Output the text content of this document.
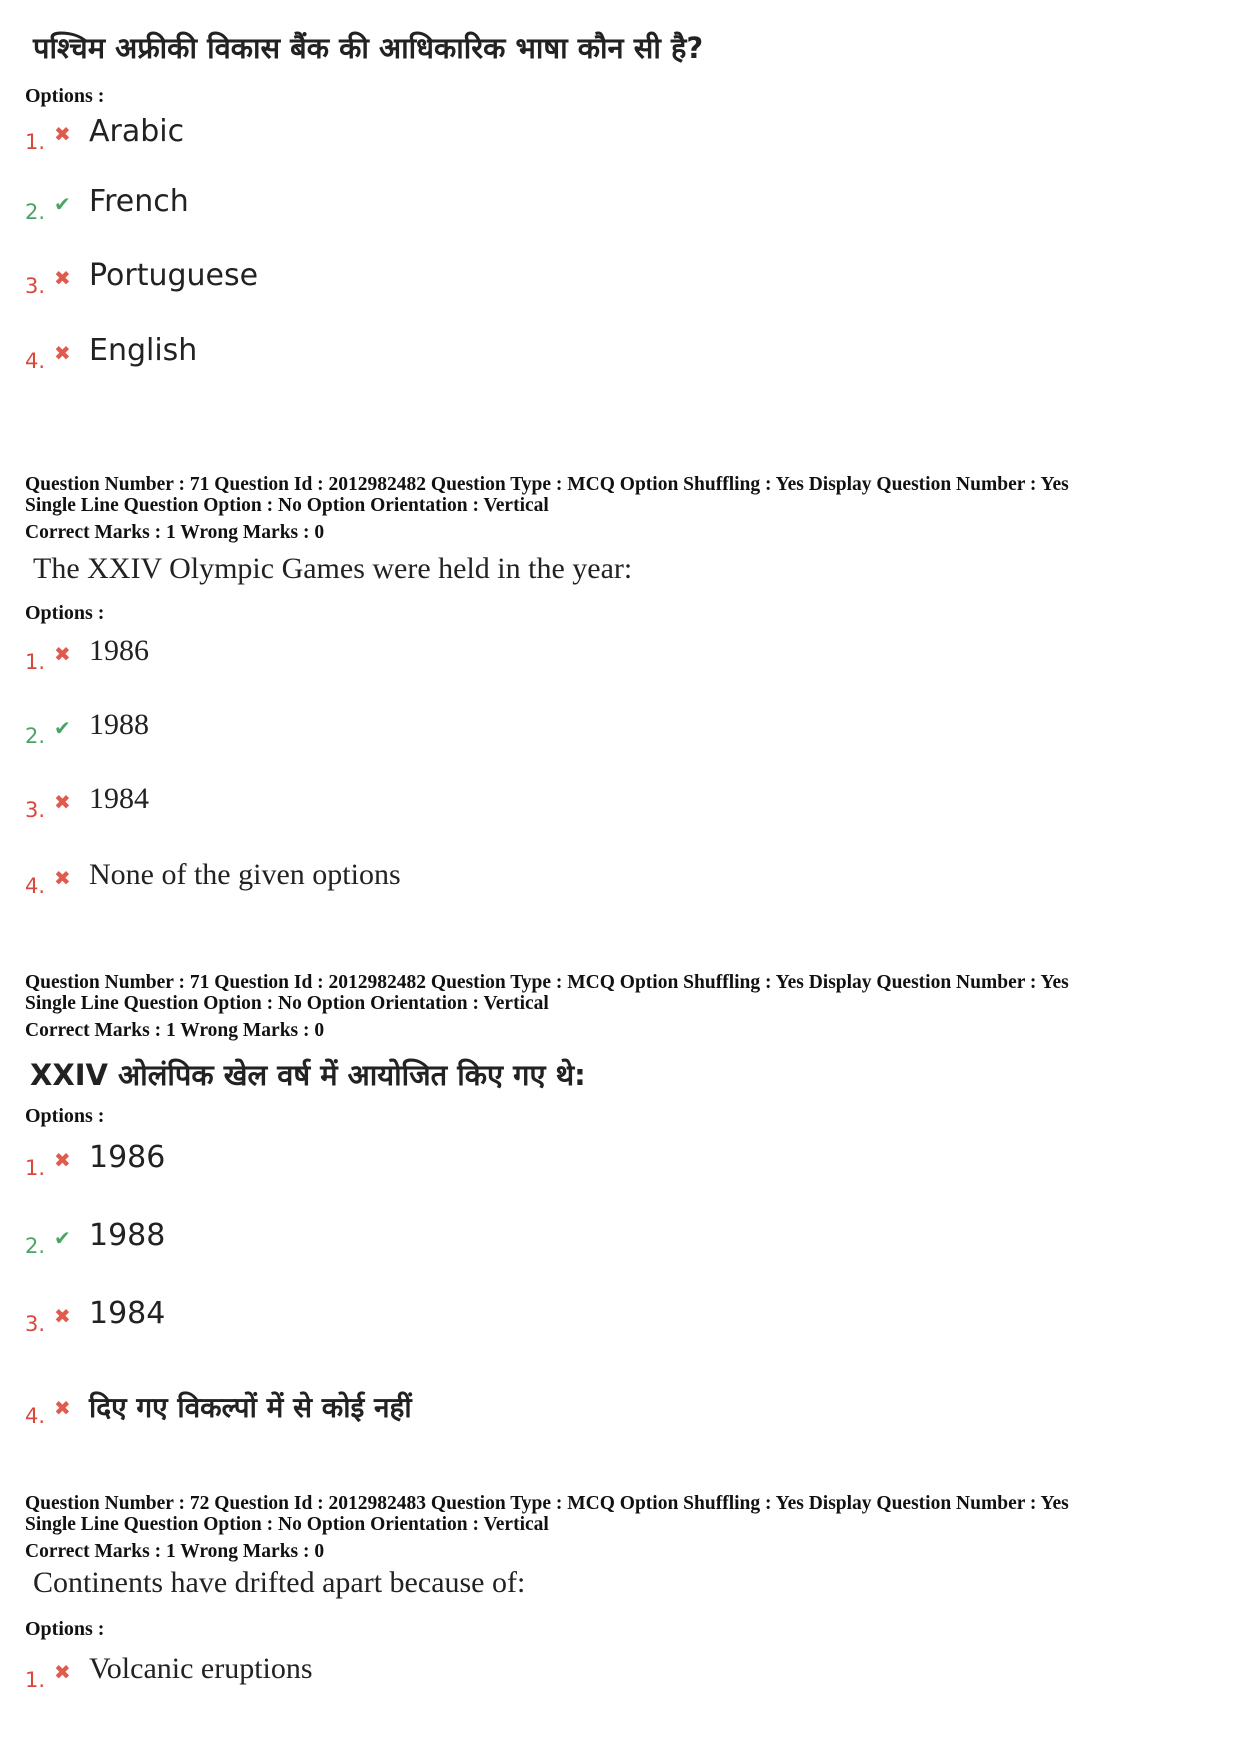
पश्चिम अफ्रीकी विकास बैंक की आधिकारिक भाषा कौन सी है?

Options :
1. ✖ Arabic
2. ✔ French
3. ✖ Portuguese
4. ✖ English

Question Number : 71 Question Id : 2012982482 Question Type : MCQ Option Shuffling : Yes Display Question Number : Yes

Single Line Question Option : No Option Orientation : Vertical

Correct Marks : 1 Wrong Marks : 0

The XXIV Olympic Games were held in the year:

Options :
1. ✖ 1986
2. ✔ 1988
3. ✖ 1984
4. ✖ None of the given options

Question Number : 71 Question Id : 2012982482 Question Type : MCQ Option Shuffling : Yes Display Question Number : Yes

Single Line Question Option : No Option Orientation : Vertical

Correct Marks : 1 Wrong Marks : 0

XXIV ओलंपिक खेल वर्ष में आयोजित किए गए थे:

Options :
1. ✖ 1986
2. ✔ 1988
3. ✖ 1984
4. ✖ दिए गए विकल्पों में से कोई नहीं

Question Number : 72 Question Id : 2012982483 Question Type : MCQ Option Shuffling : Yes Display Question Number : Yes

Single Line Question Option : No Option Orientation : Vertical

Correct Marks : 1 Wrong Marks : 0

Continents have drifted apart because of:

Options :
1. ✖ Volcanic eruptions
